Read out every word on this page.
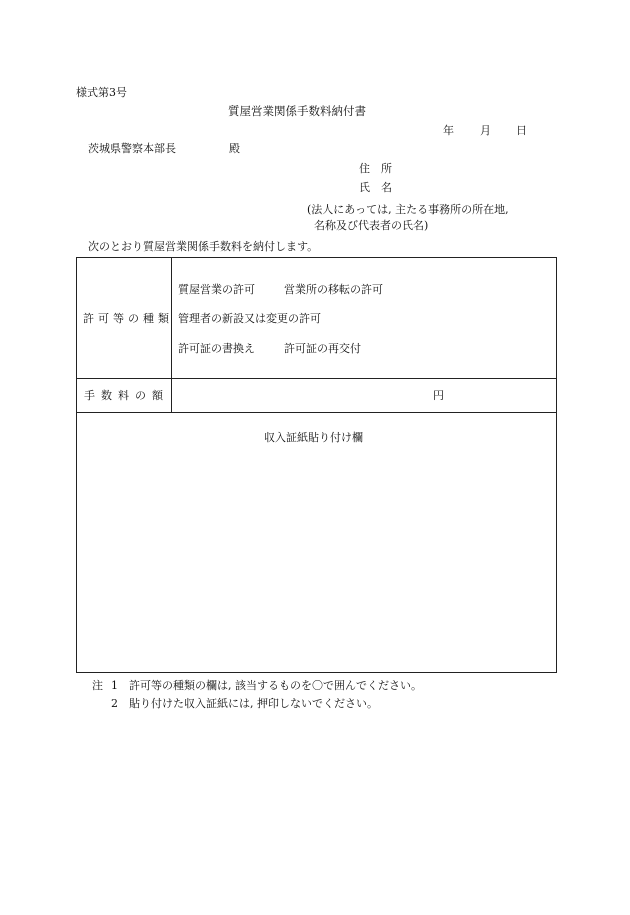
様式第3号
質屋営業関係手数料納付書
年 月 日
茨城県警察本部長	殿
住　所
氏　名
(法人にあっては, 主たる事務所の所在地,
名称及び代表者の氏名)
次のとおり質屋営業関係手数料を納付します。
許可等の種類
質屋営業の許可	営業所の移転の許可
管理者の新設又は変更の許可
許可証の書換え	許可証の再交付
手数料の額	円
収入証紙貼り付け欄
注 1 許可等の種類の欄は, 該当するものを〇で囲んでください。
2 貼り付けた収入証紙には, 押印しないでください。
